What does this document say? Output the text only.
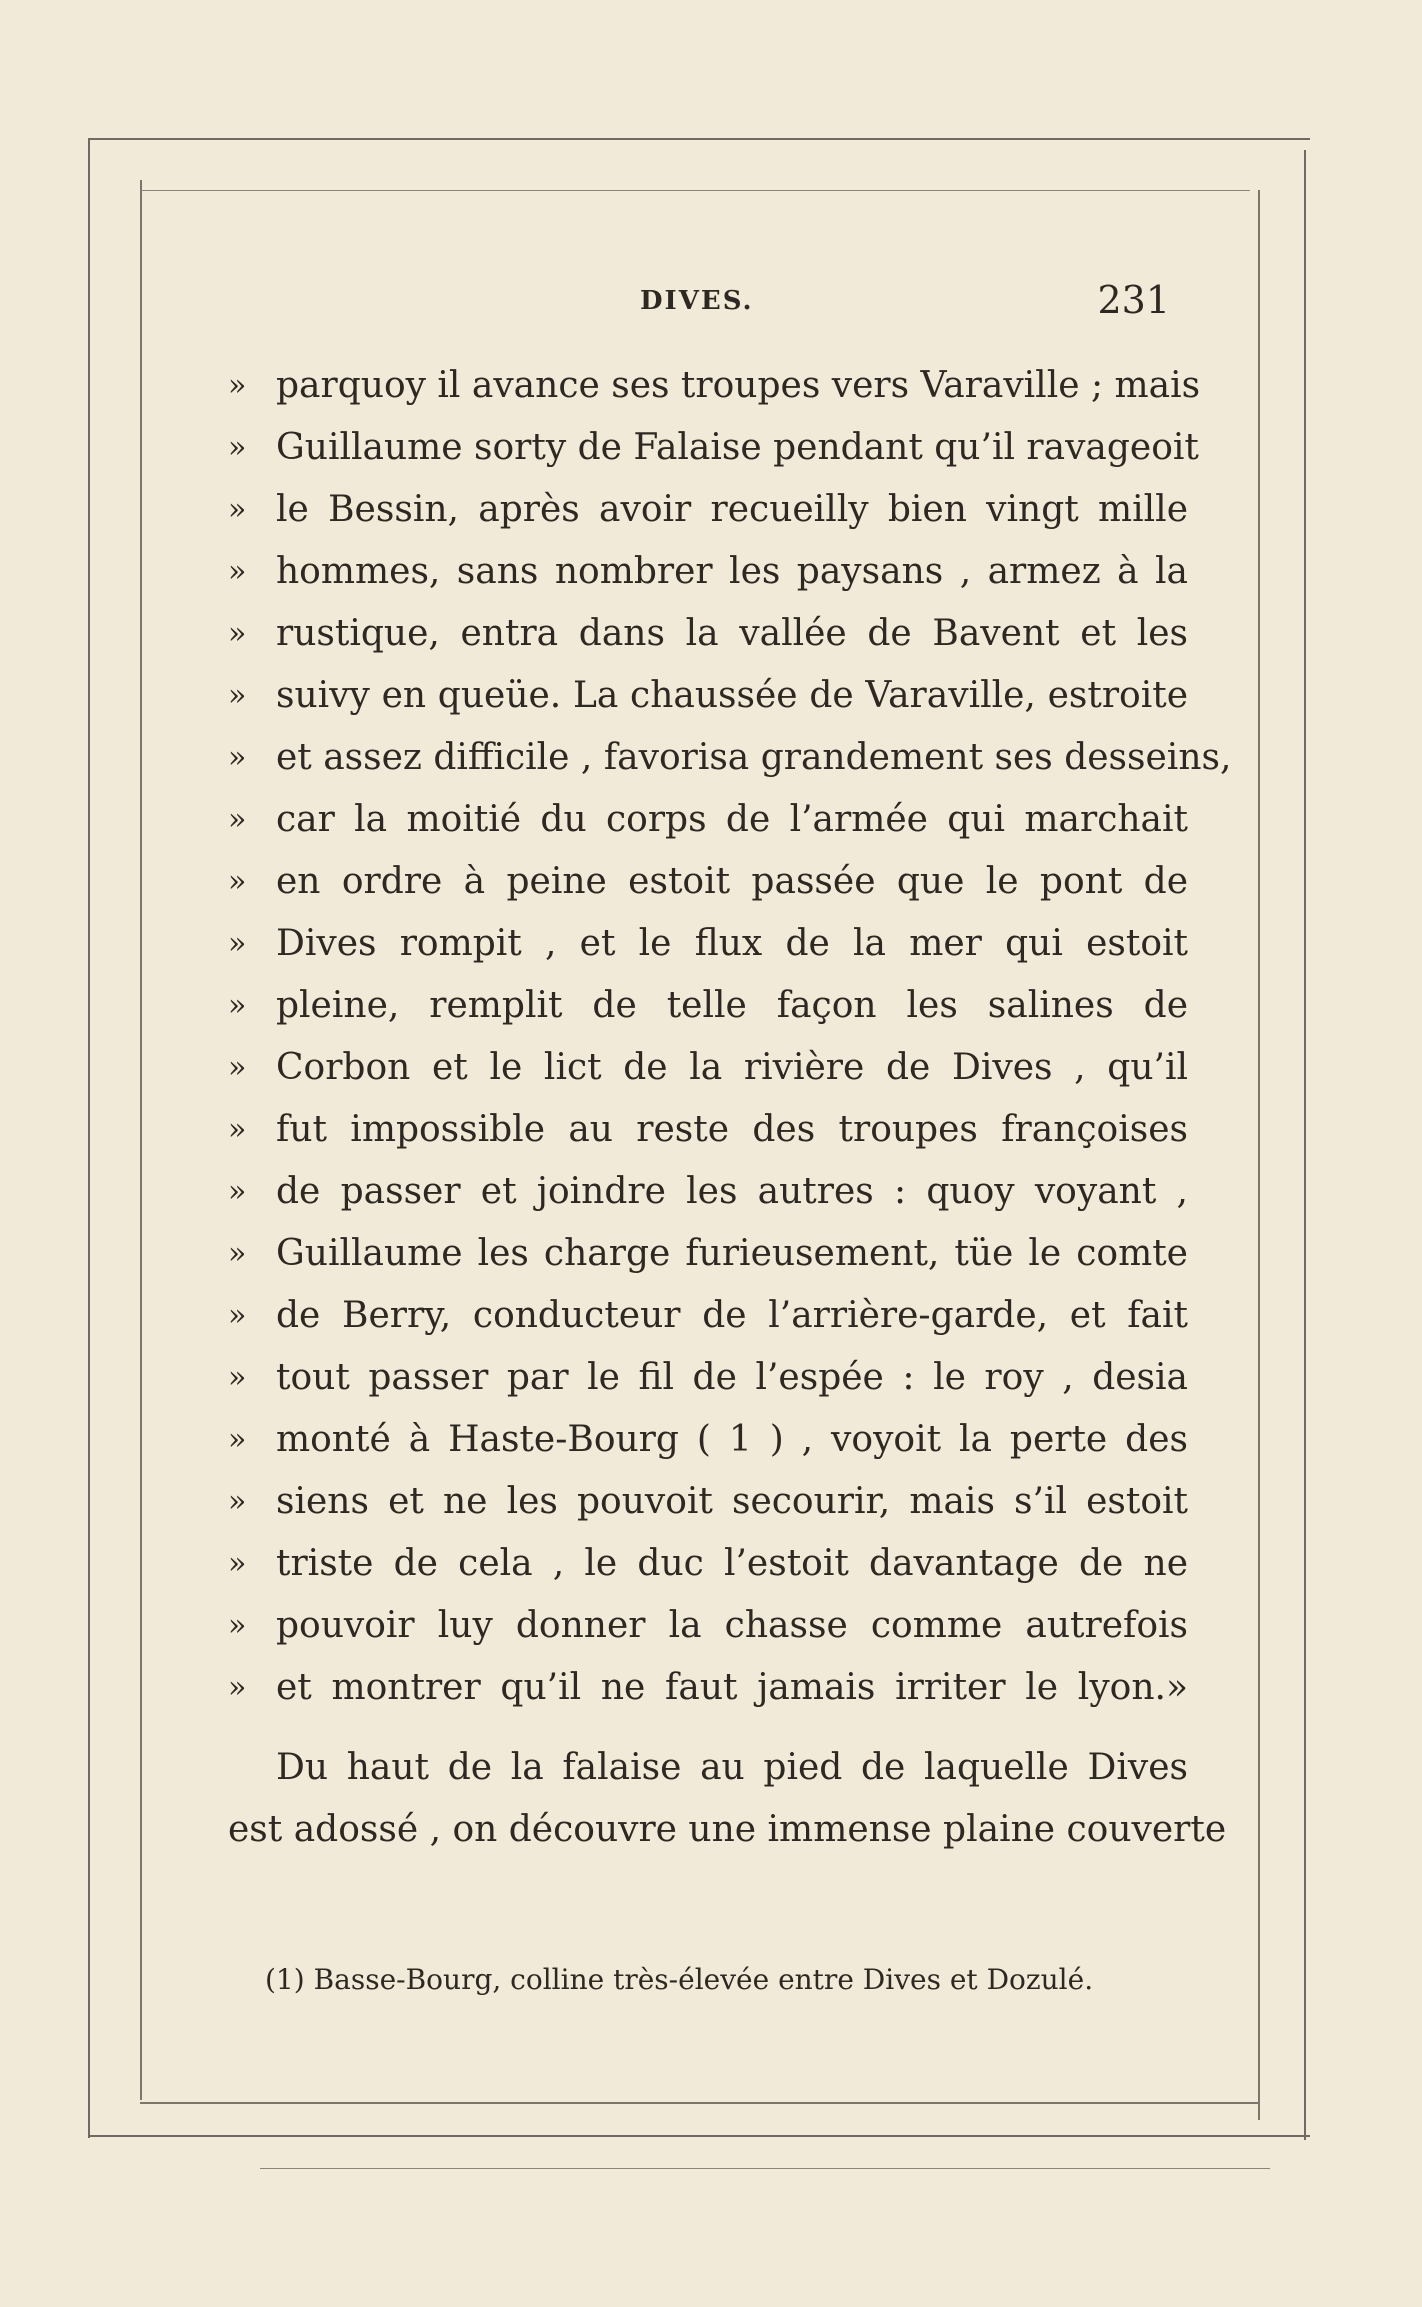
DIVES.	231
» parquoy il avance ses troupes vers Varaville ; mais
» Guillaume sorty de Falaise pendant qu’il ravageoit
» le Bessin, après avoir recueilly bien vingt mille
» hommes, sans nombrer les paysans , armez à la
» rustique, entra dans la vallée de Bavent et les
» suivy en queüe. La chaussée de Varaville, estroite
» et assez difficile , favorisa grandement ses desseins,
» car la moitié du corps de l’armée qui marchait
» en ordre à peine estoit passée que le pont de
» Dives rompit , et le flux de la mer qui estoit
» pleine, remplit de telle façon les salines de
» Corbon et le lict de la rivière de Dives , qu’il
» fut impossible au reste des troupes françoises
» de passer et joindre les autres : quoy voyant ,
» Guillaume les charge furieusement, tüe le comte
» de Berry, conducteur de l’arrière-garde, et fait
» tout passer par le fil de l’espée : le roy , desia
» monté à Haste-Bourg ( 1 ) , voyoit la perte des
» siens et ne les pouvoit secourir, mais s’il estoit
» triste de cela , le duc l’estoit davantage de ne
» pouvoir luy donner la chasse comme autrefois
» et montrer qu’il ne faut jamais irriter le lyon.»
Du haut de la falaise au pied de laquelle Dives
est adossé , on découvre une immense plaine couverte
(1) Basse-Bourg, colline très-élevée entre Dives et Dozulé.
